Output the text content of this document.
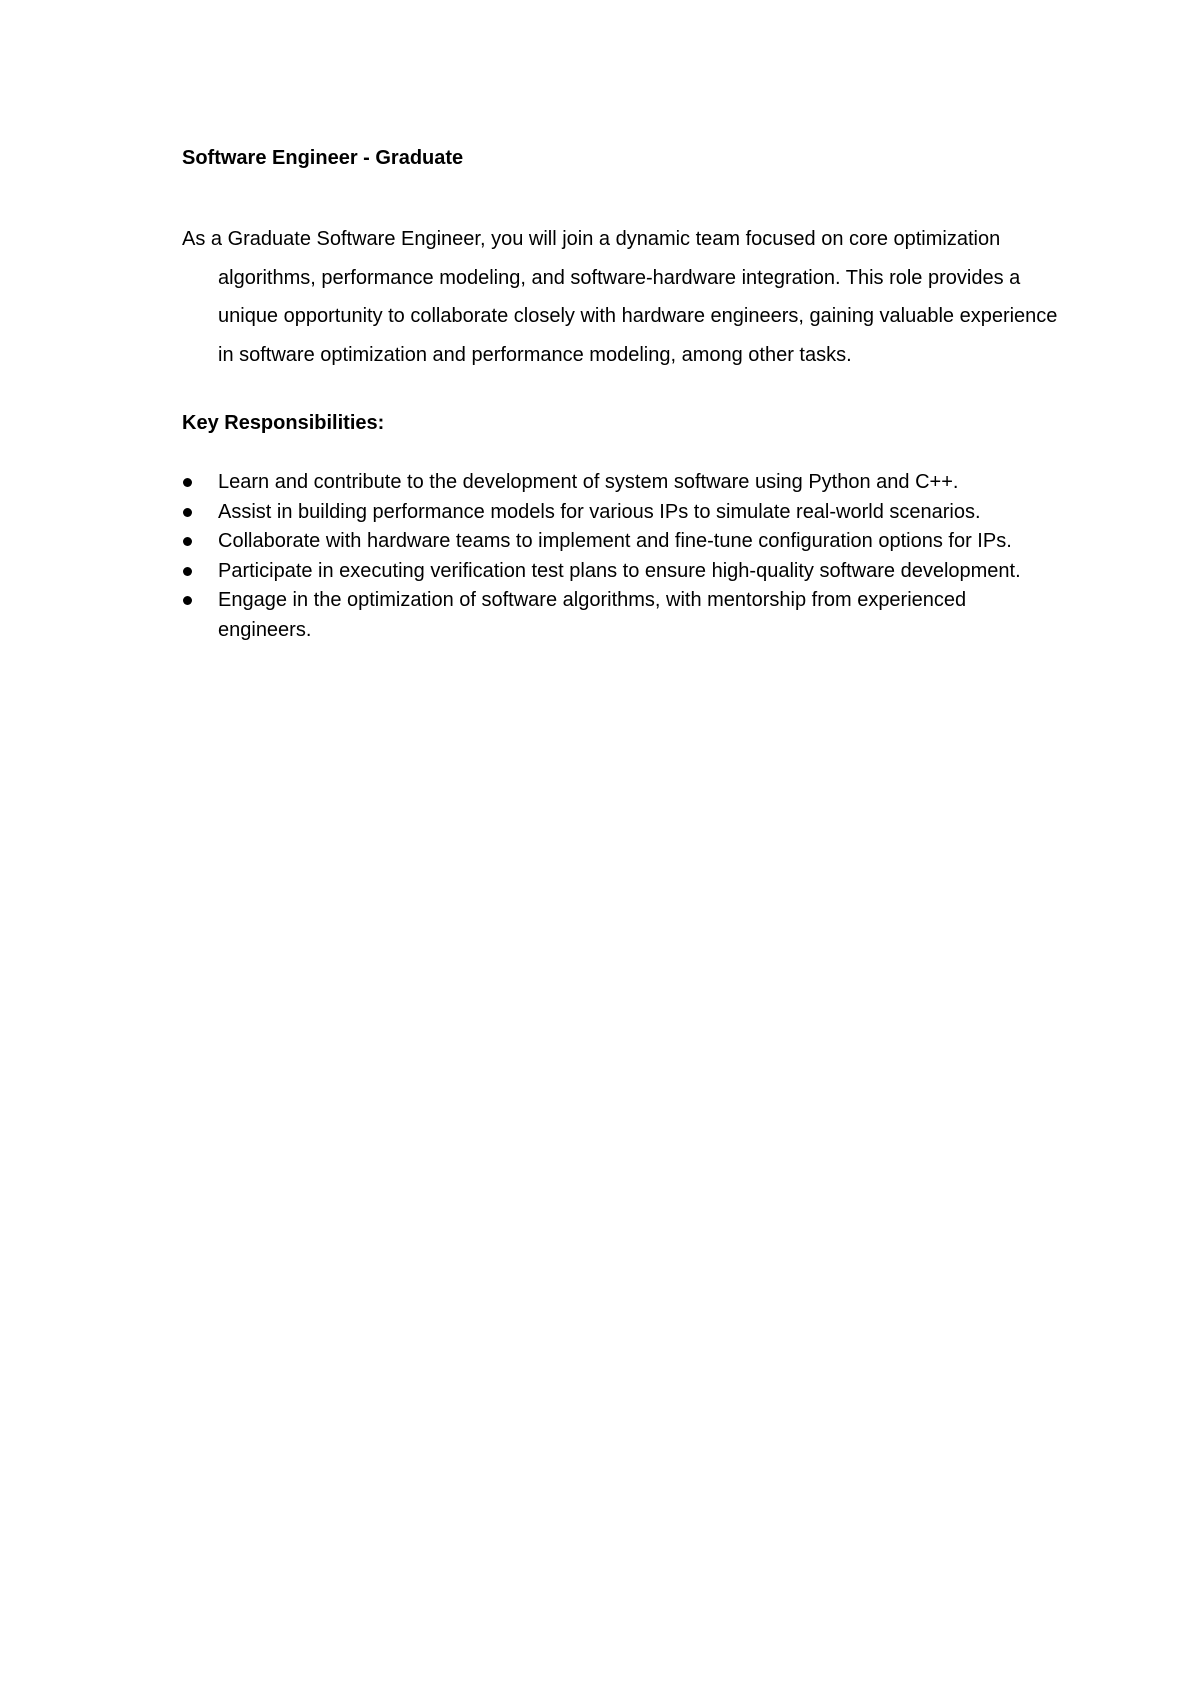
Software Engineer - Graduate

As a Graduate Software Engineer, you will join a dynamic team focused on core optimization algorithms, performance modeling, and software-hardware integration. This role provides a unique opportunity to collaborate closely with hardware engineers, gaining valuable experience in software optimization and performance modeling, among other tasks.

Key Responsibilities:
Learn and contribute to the development of system software using Python and C++.
Assist in building performance models for various IPs to simulate real-world scenarios.
Collaborate with hardware teams to implement and fine-tune configuration options for IPs.
Participate in executing verification test plans to ensure high-quality software development.
Engage in the optimization of software algorithms, with mentorship from experienced engineers.
